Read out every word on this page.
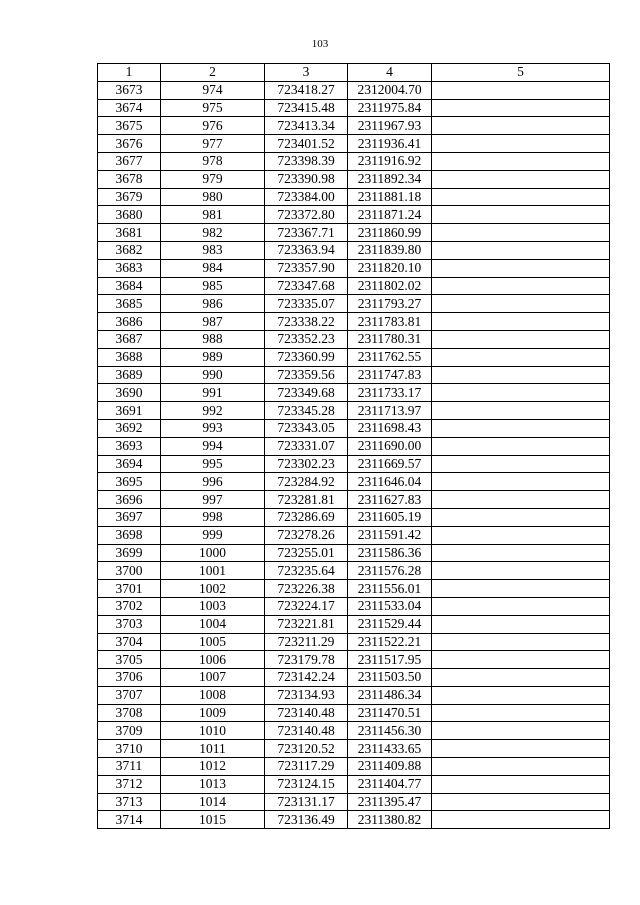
103
1	2	3	4	5
3673	974	723418.27	2312004.70	
3674	975	723415.48	2311975.84	
3675	976	723413.34	2311967.93	
3676	977	723401.52	2311936.41	
3677	978	723398.39	2311916.92	
3678	979	723390.98	2311892.34	
3679	980	723384.00	2311881.18	
3680	981	723372.80	2311871.24	
3681	982	723367.71	2311860.99	
3682	983	723363.94	2311839.80	
3683	984	723357.90	2311820.10	
3684	985	723347.68	2311802.02	
3685	986	723335.07	2311793.27	
3686	987	723338.22	2311783.81	
3687	988	723352.23	2311780.31	
3688	989	723360.99	2311762.55	
3689	990	723359.56	2311747.83	
3690	991	723349.68	2311733.17	
3691	992	723345.28	2311713.97	
3692	993	723343.05	2311698.43	
3693	994	723331.07	2311690.00	
3694	995	723302.23	2311669.57	
3695	996	723284.92	2311646.04	
3696	997	723281.81	2311627.83	
3697	998	723286.69	2311605.19	
3698	999	723278.26	2311591.42	
3699	1000	723255.01	2311586.36	
3700	1001	723235.64	2311576.28	
3701	1002	723226.38	2311556.01	
3702	1003	723224.17	2311533.04	
3703	1004	723221.81	2311529.44	
3704	1005	723211.29	2311522.21	
3705	1006	723179.78	2311517.95	
3706	1007	723142.24	2311503.50	
3707	1008	723134.93	2311486.34	
3708	1009	723140.48	2311470.51	
3709	1010	723140.48	2311456.30	
3710	1011	723120.52	2311433.65	
3711	1012	723117.29	2311409.88	
3712	1013	723124.15	2311404.77	
3713	1014	723131.17	2311395.47	
3714	1015	723136.49	2311380.82	
